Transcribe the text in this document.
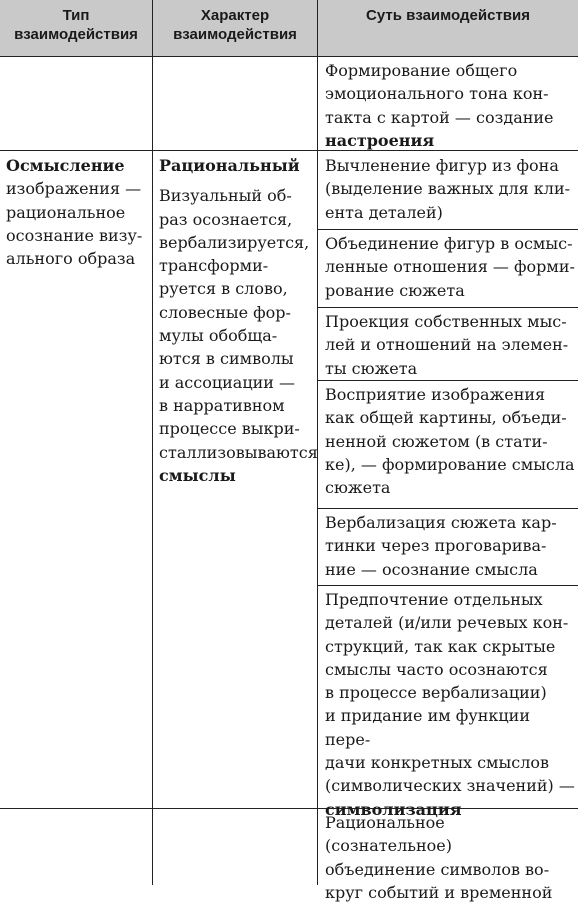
Тип
взаимодействия

Характер
взаимодействия

Суть взаимодействия

Формирование общего
эмоционального тона кон-
такта с картой — создание
настроения

Осмысление
изображения —
рациональное
осознание визу-
ального образа

Рациональный

Визуальный об-
раз осознается,
вербализируется,
трансформи-
руется в слово,
словесные фор-
мулы обобща-
ются в символы
и ассоциации —
в нарративном
процессе выкри-
сталлизовываются
смыслы

Вычленение фигур из фона
(выделение важных для кли-
ента деталей)

Объединение фигур в осмыс-
ленные отношения — форми-
рование сюжета

Проекция собственных мыс-
лей и отношений на элемен-
ты сюжета

Восприятие изображения
как общей картины, объеди-
ненной сюжетом (в стати-
ке), — формирование смысла
сюжета

Вербализация сюжета кар-
тинки через проговарива-
ние — осознание смысла

Предпочтение отдельных
деталей (и/или речевых кон-
струкций, так как скрытые
смыслы часто осознаются
в процессе вербализации)
и придание им функции пере-
дачи конкретных смыслов
(символических значений) —
символизация

Рациональное (сознательное)
объединение символов во-
круг событий и временной
